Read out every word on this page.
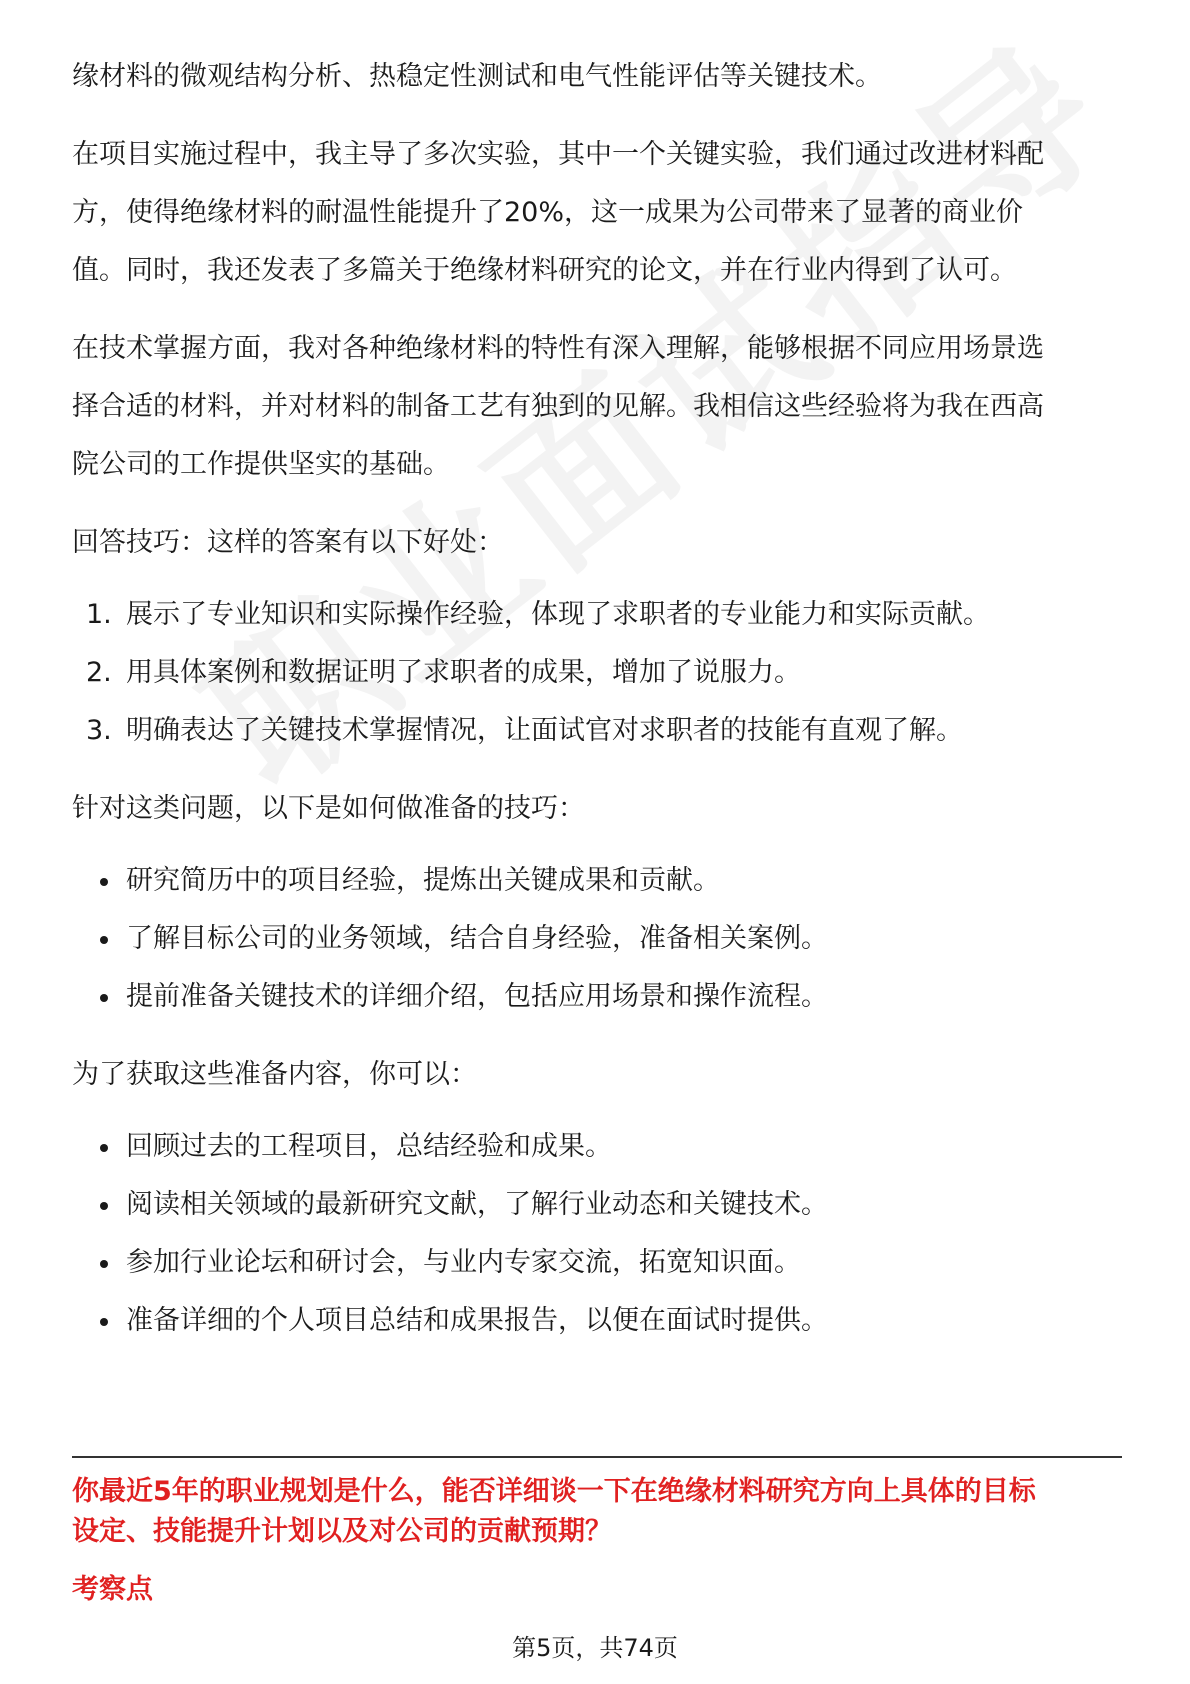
缘材料的微观结构分析、热稳定性测试和电气性能评估等关键技术。

在项目实施过程中，我主导了多次实验，其中一个关键实验，我们通过改进材料配

方，使得绝缘材料的耐温性能提升了20%，这一成果为公司带来了显著的商业价

值。同时，我还发表了多篇关于绝缘材料研究的论文，并在行业内得到了认可。

在技术掌握方面，我对各种绝缘材料的特性有深入理解，能够根据不同应用场景选

择合适的材料，并对材料的制备工艺有独到的见解。我相信这些经验将为我在西高

院公司的工作提供坚实的基础。

回答技巧：这样的答案有以下好处：

1. 展示了专业知识和实际操作经验，体现了求职者的专业能力和实际贡献。
2. 用具体案例和数据证明了求职者的成果，增加了说服力。
3. 明确表达了关键技术掌握情况，让面试官对求职者的技能有直观了解。

针对这类问题，以下是如何做准备的技巧：

研究简历中的项目经验，提炼出关键成果和贡献。
了解目标公司的业务领域，结合自身经验，准备相关案例。
提前准备关键技术的详细介绍，包括应用场景和操作流程。

为了获取这些准备内容，你可以：

回顾过去的工程项目，总结经验和成果。
阅读相关领域的最新研究文献，了解行业动态和关键技术。
参加行业论坛和研讨会，与业内专家交流，拓宽知识面。
准备详细的个人项目总结和成果报告，以便在面试时提供。
你最近5年的职业规划是什么，能否详细谈一下在绝缘材料研究方向上具体的目标
设定、技能提升计划以及对公司的贡献预期？
考察点
第5页，共74页
